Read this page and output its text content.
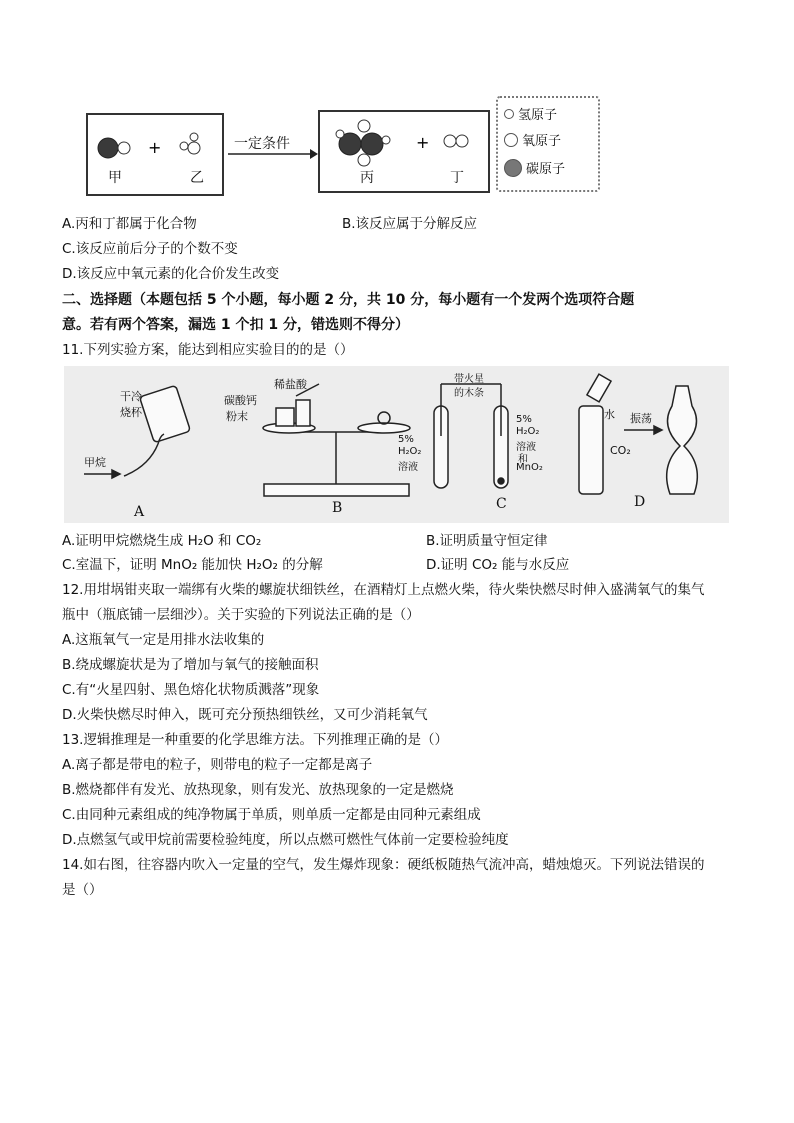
+
甲	乙
一定条件	+
丙	丁
氢原子
氧原子
碳原子
A.丙和丁都属于化合物	B.该反应属于分解反应
C.该反应前后分子的个数不变
D.该反应中氧元素的化合价发生改变
二、选择题（本题包括 5 个小题，每小题 2 分，共 10 分，每小题有一个发两个选项符合题
意。若有两个答案，漏选 1 个扣 1 分，错选则不得分）
11.下列实验方案，能达到相应实验目的的是（）
干冷
烧杯
甲烷
碳酸钙
粉末
稀盐酸	带火星
的木条
5%
H₂O₂
溶液
5%
H₂O₂
溶液
和
MnO₂
水
CO₂
振荡
A	B	C	D
A.证明甲烷燃烧生成 H₂O 和 CO₂	B.证明质量守恒定律
C.室温下，证明 MnO₂ 能加快 H₂O₂ 的分解	D.证明 CO₂ 能与水反应
12.用坩埚钳夹取一端绑有火柴的螺旋状细铁丝，在酒精灯上点燃火柴，待火柴快燃尽时伸入盛满氧气的集气
瓶中（瓶底铺一层细沙）。关于实验的下列说法正确的是（）
A.这瓶氧气一定是用排水法收集的
B.绕成螺旋状是为了增加与氧气的接触面积
C.有“火星四射、黑色熔化状物质溅落”现象
D.火柴快燃尽时伸入，既可充分预热细铁丝，又可少消耗氧气
13.逻辑推理是一种重要的化学思维方法。下列推理正确的是（）
A.离子都是带电的粒子，则带电的粒子一定都是离子
B.燃烧都伴有发光、放热现象，则有发光、放热现象的一定是燃烧
C.由同种元素组成的纯净物属于单质，则单质一定都是由同种元素组成
D.点燃氢气或甲烷前需要检验纯度，所以点燃可燃性气体前一定要检验纯度
14.如右图，往容器内吹入一定量的空气，发生爆炸现象：硬纸板随热气流冲高，蜡烛熄灭。下列说法错误的
是（）
